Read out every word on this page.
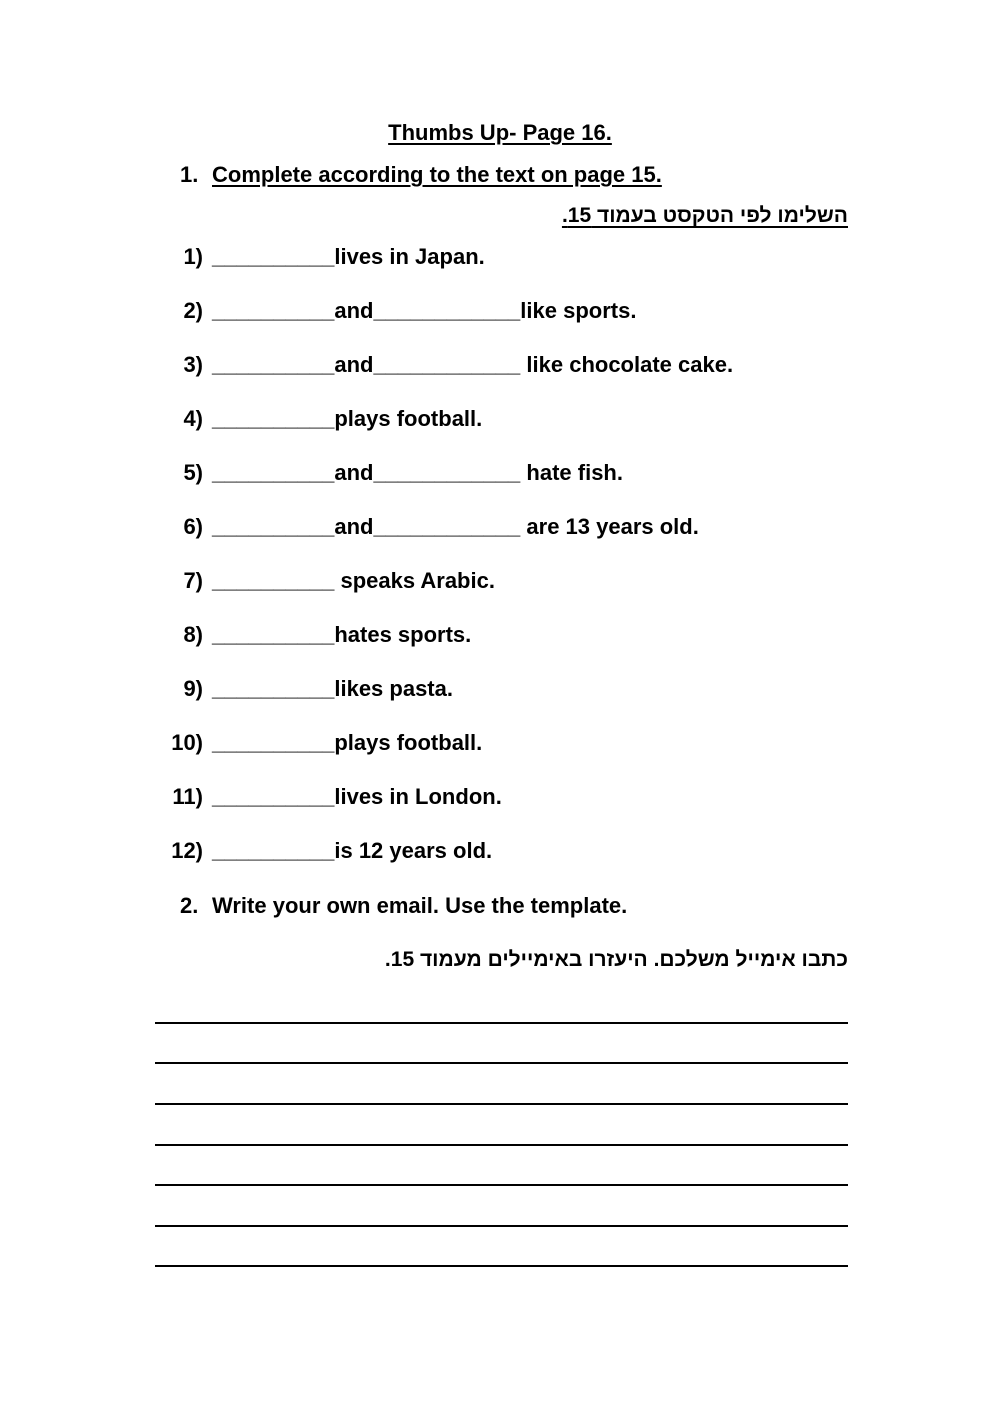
Thumbs Up- Page 16.
1. Complete according to the text on page 15.
השלימו לפי הטקסט בעמוד 15.

1)

__________lives in Japan.

2)

__________and____________like sports.

3)

__________and____________ like chocolate cake.

4)

__________plays football.

5)

__________and____________ hate fish.

6)

__________and____________ are 13 years old.

7)

__________ speaks Arabic.

8)

__________hates sports.

9)

__________likes pasta.

10)

__________plays football.

11)

__________lives in London.

12)

__________is 12 years old.

2. Write your own email. Use the template.
כתבו אימייל משלכם. היעזרו באימיילים מעמוד 15.
